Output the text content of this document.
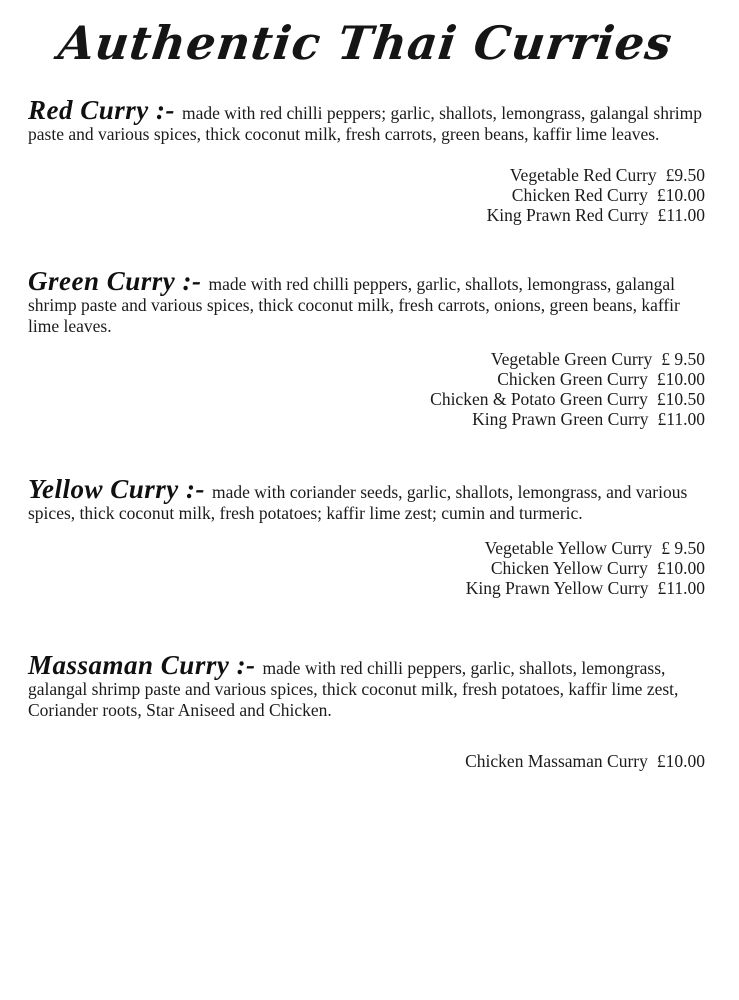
Authentic Thai Curries

Red Curry :- made with red chilli peppers; garlic, shallots, lemongrass, galangal shrimp paste and various spices, thick coconut milk, fresh carrots, green beans, kaffir lime leaves.

Vegetable Red Curry £9.50
Chicken Red Curry £10.00
King Prawn Red Curry £11.00

Green Curry :- made with red chilli peppers, garlic, shallots, lemongrass, galangal shrimp paste and various spices, thick coconut milk, fresh carrots, onions, green beans, kaffir lime leaves.

Vegetable Green Curry £ 9.50
Chicken Green Curry £10.00
Chicken & Potato Green Curry £10.50
King Prawn Green Curry £11.00

Yellow Curry :- made with coriander seeds, garlic, shallots, lemongrass, and various spices, thick coconut milk, fresh potatoes; kaffir lime zest; cumin and turmeric.

Vegetable Yellow Curry £ 9.50
Chicken Yellow Curry £10.00
King Prawn Yellow Curry £11.00

Massaman Curry :- made with red chilli peppers, garlic, shallots, lemongrass, galangal shrimp paste and various spices, thick coconut milk, fresh potatoes, kaffir lime zest, Coriander roots, Star Aniseed and Chicken.

Chicken Massaman Curry £10.00
